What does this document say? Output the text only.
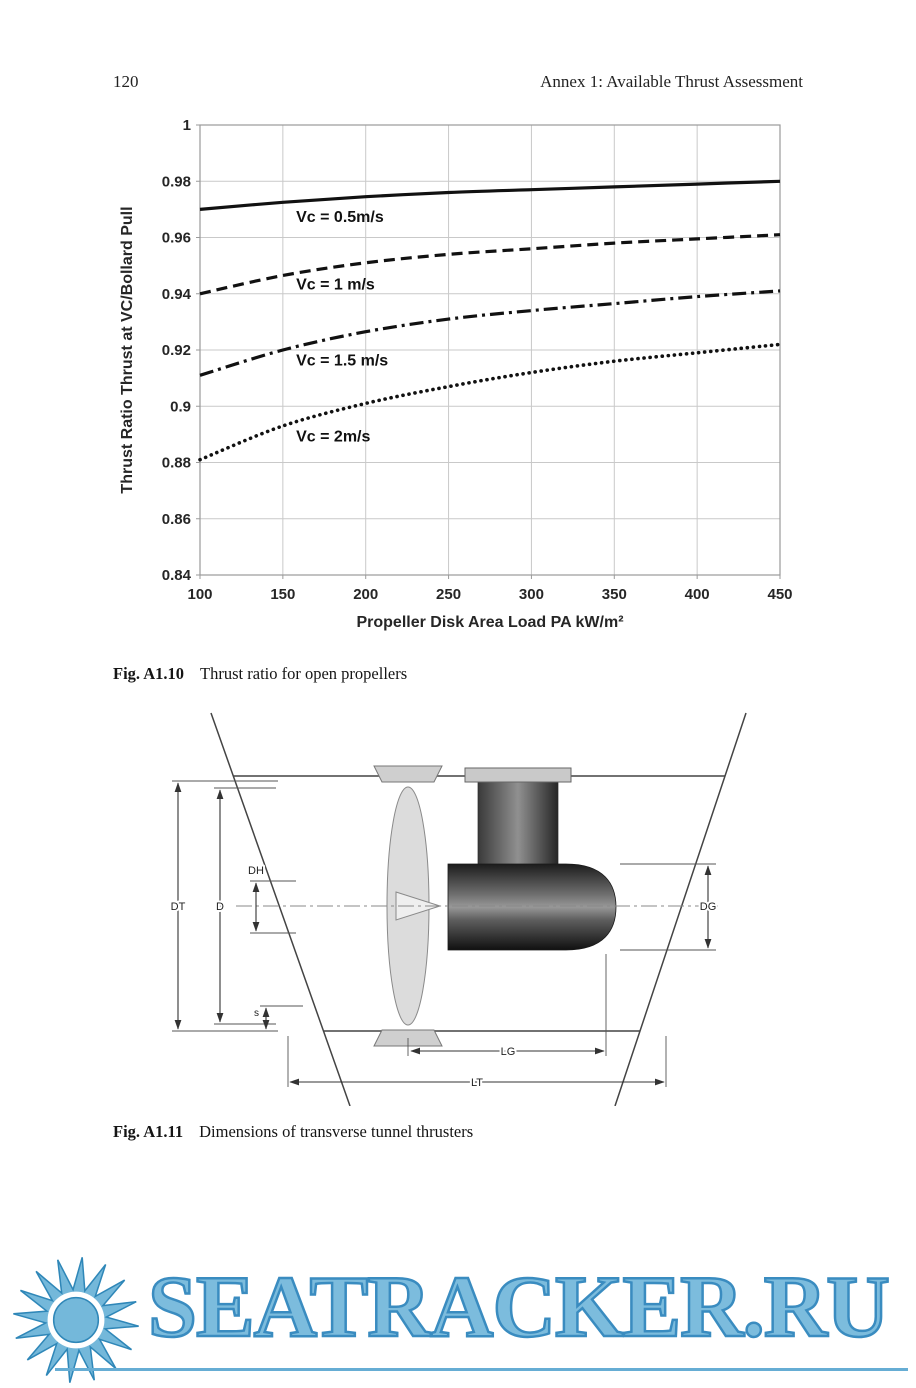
120	Annex 1: Available Thrust Assessment
1
0.98
0.96
0.94
0.92
0.9
0.88
0.86
0.84
100	150	200	250	300	350	400	450
Propeller Disk Area Load PA kW/m²
Thrust Ratio Thrust at VC/Bollard Pull	Vc = 0.5m/s
Vc = 1 m/s
Vc = 1.5 m/s
Vc = 2m/s
Fig. A1.10 Thrust ratio for open propellers
DT	D
DH
s
DG
LG
LT
Fig. A1.11 Dimensions of transverse tunnel thrusters
SEATRACKER.RU
